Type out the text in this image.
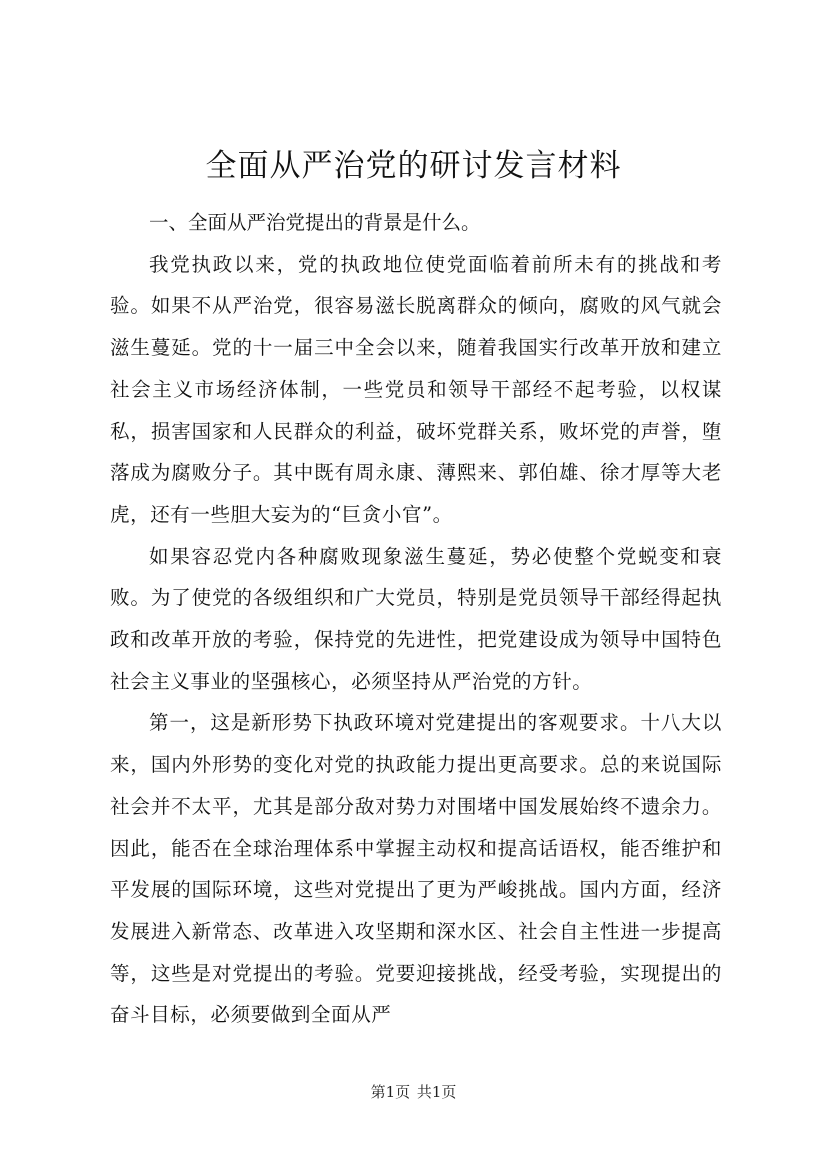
全面从严治党的研讨发言材料

一、全面从严治党提出的背景是什么。

我党执政以来，党的执政地位使党面临着前所未有的挑战和考验。如果不从严治党，很容易滋长脱离群众的倾向，腐败的风气就会滋生蔓延。党的十一届三中全会以来，随着我国实行改革开放和建立社会主义市场经济体制，一些党员和领导干部经不起考验，以权谋私，损害国家和人民群众的利益，破坏党群关系，败坏党的声誉，堕落成为腐败分子。其中既有周永康、薄熙来、郭伯雄、徐才厚等大老虎，还有一些胆大妄为的“巨贪小官”。

如果容忍党内各种腐败现象滋生蔓延，势必使整个党蜕变和衰败。为了使党的各级组织和广大党员，特别是党员领导干部经得起执政和改革开放的考验，保持党的先进性，把党建设成为领导中国特色社会主义事业的坚强核心，必须坚持从严治党的方针。

第一，这是新形势下执政环境对党建提出的客观要求。十八大以来，国内外形势的变化对党的执政能力提出更高要求。总的来说国际社会并不太平，尤其是部分敌对势力对围堵中国发展始终不遗余力。因此，能否在全球治理体系中掌握主动权和提高话语权，能否维护和平发展的国际环境，这些对党提出了更为严峻挑战。国内方面，经济发展进入新常态、改革进入攻坚期和深水区、社会自主性进一步提高等，这些是对党提出的考验。党要迎接挑战，经受考验，实现提出的奋斗目标，必须要做到全面从严

第1页 共1页
